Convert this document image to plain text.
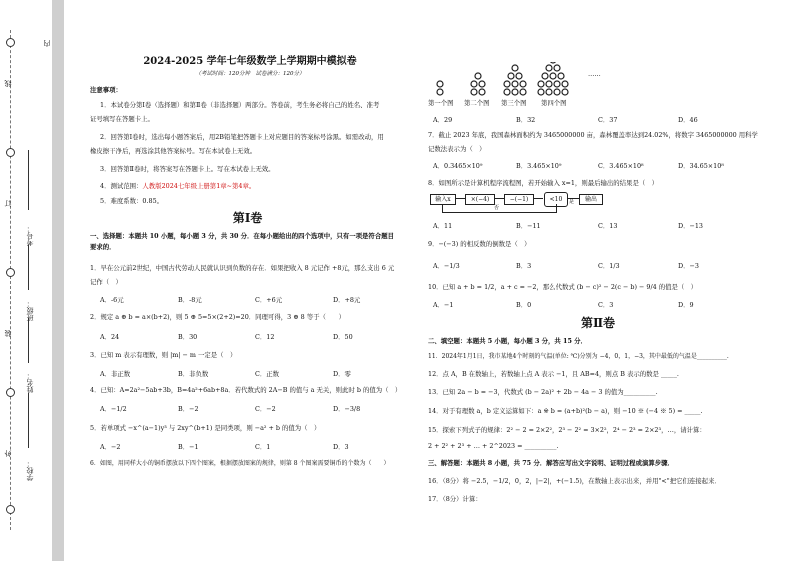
线
订
装
外
考号：
班级：
姓名：
学校：
内
2024-2025 学年七年级数学上学期期中模拟卷
（考试时间：120分钟　试卷满分：120分）
注意事项：
1．本试卷分第Ⅰ卷（选择题）和第Ⅱ卷（非选择题）两部分。答卷前，考生务必将自己的姓名、准考
证号填写在答题卡上。
2．回答第Ⅰ卷时，选出每小题答案后，用2B铅笔把答题卡上对应题目的答案标号涂黑。如需改动，用
橡皮擦干净后，再选涂其他答案标号。写在本试卷上无效。
3．回答第Ⅱ卷时，将答案写在答题卡上。写在本试卷上无效。
4．测试范围：人教版2024七年级上册第1章~第4章。
5．难度系数：0.85。
第Ⅰ卷
一、选择题：本题共 10 小题，每小题 3 分，共 30 分．在每小题给出的四个选项中，只有一项是符合题目
要求的．
1．早在公元前2世纪，中国古代劳动人民就认识到负数的存在．如果把收入 8 元记作 +8元，那么支出 6 元
记作（　）
A．-6元	B．-8元	C．+6元	D．+8元
2．规定 a ⊕ b = a×(b+2)，则 5 ⊕ 5=5×(2+2)=20．同理可得，3 ⊕ 8 等于（　　）
A．24	B．30	C．12	D．50
3．已知 m 表示有理数，则 |m| − m 一定是（　）
A．非正数	B．非负数	C．正数	D．零
4．已知：A=2a²−5ab+3b，B=4a²+6ab+8a．若代数式的 2A−B 的值与 a 无关，则此时 b 的值为（　）
A．−1/2	B．−2	C．−2	D．−3/8
5．若单项式 −x^(a−1)y³ 与 2xy^(b+1) 是同类项，则 −a² + b 的值为（　）
A．−2	B．−1	C．1	D．3
6．如图，用同样大小的铜币摆放以下四个图案，根据摆放图案的规律，则第 8 个图案需要铜币的个数为（　　）
……
第一个图 第二个图 第三个图 第四个图
A．29	B．32	C．37	D．46
7．截止 2023 年底，我国森林面积约为 3465000000 亩，森林覆盖率达到24.02%，将数字 3465000000 用科学
记数法表示为（　）
A．0.3465×10⁹	B．3.465×10⁹	C．3.465×10⁸	D．34.65×10⁸
8．如图所示是计算机程序流程图，若开始输入 x=1，则最后输出的结果是（　）
输入x	×(−4)	−(−1)	<10	是	输出
否
A．11	B．−11	C．13	D．−13
9．−(−3) 的相反数的倒数是（　）
A．−1/3	B．3	C．1/3	D．−3
10．已知 a + b = 1/2，a + c = −2，那么代数式 (b − c)² − 2(c − b) − 9/4 的值是（　）
A．−1	B．0	C．3	D．9
第Ⅱ卷
二、填空题：本题共 5 小题，每小题 3 分，共 15 分．
11．2024年1月1日，我市某地4个时刻的气温(单位: ℃)分别为 −4，0，1，−3，其中最低的气温是__________.
12．点 A，B 在数轴上，若数轴上点 A 表示 −1，且 AB=4，则点 B 表示的数是 _____.
13．已知 2a − b = −3，代数式 (b − 2a)² + 2b − 4a − 3 的值为__________.
14．对于有理数 a，b 定义运算如下：a ※ b = (a+b)²(b − a)，则 −10 ※ (−4 ※ 5) = _____.
15．探索下列式子的规律：2² − 2 = 2×2²，2³ − 2² = 3×2²，2⁴ − 2³ = 2×2³，…，请计算：
2 + 2² + 2³ + … + 2^2023 = __________.
三、解答题：本题共 8 小题，共 75 分．解答应写出文字说明、证明过程或演算步骤．
16．（8分）将 −2.5，−1/2，0，2，|−2|，+(−1.5)，在数轴上表示出来，并用"<"把它们连接起来．
17．（8分）计算：
